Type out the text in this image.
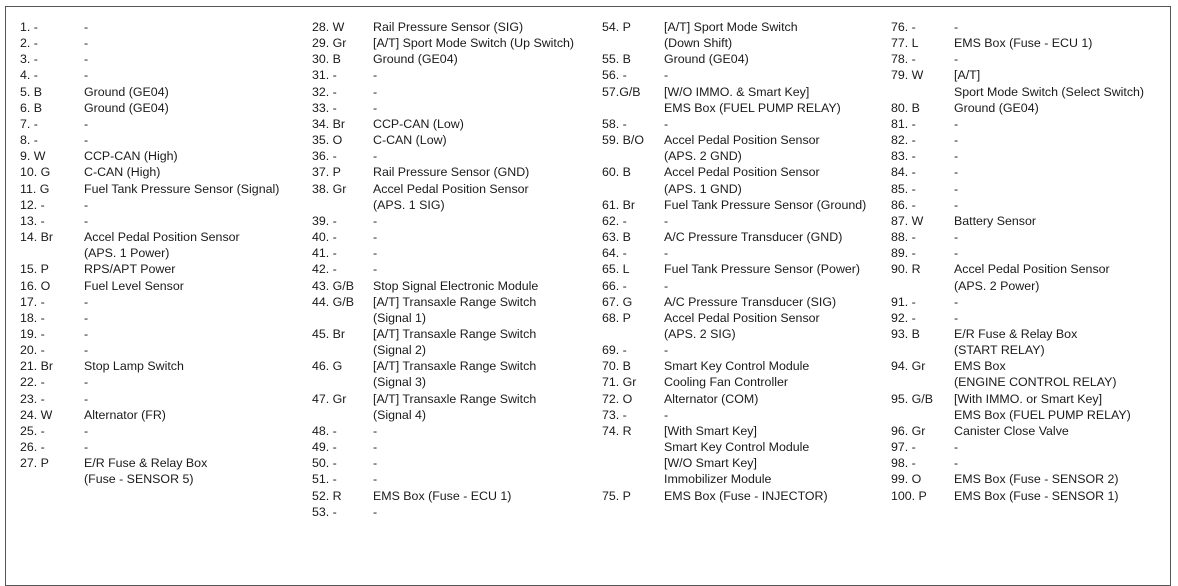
1. -	-
2. -	-
3. -	-
4. -	-
5. B	Ground (GE04)
6. B	Ground (GE04)
7. -	-
8. -	-
9. W	CCP-CAN (High)
10. G	C-CAN (High)
11. G	Fuel Tank Pressure Sensor (Signal)
12. -	-
13. -	-
14. Br	Accel Pedal Position Sensor
(APS. 1 Power)
15. P	RPS/APT Power
16. O	Fuel Level Sensor
17. -	-
18. -	-
19. -	-
20. -	-
21. Br	Stop Lamp Switch
22. -	-
23. -	-
24. W	Alternator (FR)
25. -	-
26. -	-
27. P	E/R Fuse & Relay Box
(Fuse - SENSOR 5)
28. W	Rail Pressure Sensor (SIG)
29. Gr	[A/T] Sport Mode Switch (Up Switch)
30. B	Ground (GE04)
31. -	-
32. -	-
33. -	-
34. Br	CCP-CAN (Low)
35. O	C-CAN (Low)
36. -	-
37. P	Rail Pressure Sensor (GND)
38. Gr	Accel Pedal Position Sensor
(APS. 1 SIG)
39. -	-
40. -	-
41. -	-
42. -	-
43. G/B	Stop Signal Electronic Module
44. G/B	[A/T] Transaxle Range Switch
(Signal 1)
45. Br	[A/T] Transaxle Range Switch
(Signal 2)
46. G	[A/T] Transaxle Range Switch
(Signal 3)
47. Gr	[A/T] Transaxle Range Switch
(Signal 4)
48. -	-
49. -	-
50. -	-
51. -	-
52. R	EMS Box (Fuse - ECU 1)
53. -	-
54. P	[A/T] Sport Mode Switch
(Down Shift)
55. B	Ground (GE04)
56. -	-
57.G/B	[W/O IMMO. & Smart Key]
EMS Box (FUEL PUMP RELAY)
58. -	-
59. B/O	Accel Pedal Position Sensor
(APS. 2 GND)
60. B	Accel Pedal Position Sensor
(APS. 1 GND)
61. Br	Fuel Tank Pressure Sensor (Ground)
62. -	-
63. B	A/C Pressure Transducer (GND)
64. -	-
65. L	Fuel Tank Pressure Sensor (Power)
66. -	-
67. G	A/C Pressure Transducer (SIG)
68. P	Accel Pedal Position Sensor
(APS. 2 SIG)
69. -	-
70. B	Smart Key Control Module
71. Gr	Cooling Fan Controller
72. O	Alternator (COM)
73. -	-
74. R	[With Smart Key]
Smart Key Control Module
[W/O Smart Key]
Immobilizer Module
75. P	EMS Box (Fuse - INJECTOR)
76. -	-
77. L	EMS Box (Fuse - ECU 1)
78. -	-
79. W	[A/T]
Sport Mode Switch (Select Switch)
80. B	Ground (GE04)
81. -	-
82. -	-
83. -	-
84. -	-
85. -	-
86. -	-
87. W	Battery Sensor
88. -	-
89. -	-
90. R	Accel Pedal Position Sensor
(APS. 2 Power)
91. -	-
92. -	-
93. B	E/R Fuse & Relay Box
(START RELAY)
94. Gr	EMS Box
(ENGINE CONTROL RELAY)
95. G/B	[With IMMO. or Smart Key]
EMS Box (FUEL PUMP RELAY)
96. Gr	Canister Close Valve
97. -	-
98. -	-
99. O	EMS Box (Fuse - SENSOR 2)
100. P	EMS Box (Fuse - SENSOR 1)
